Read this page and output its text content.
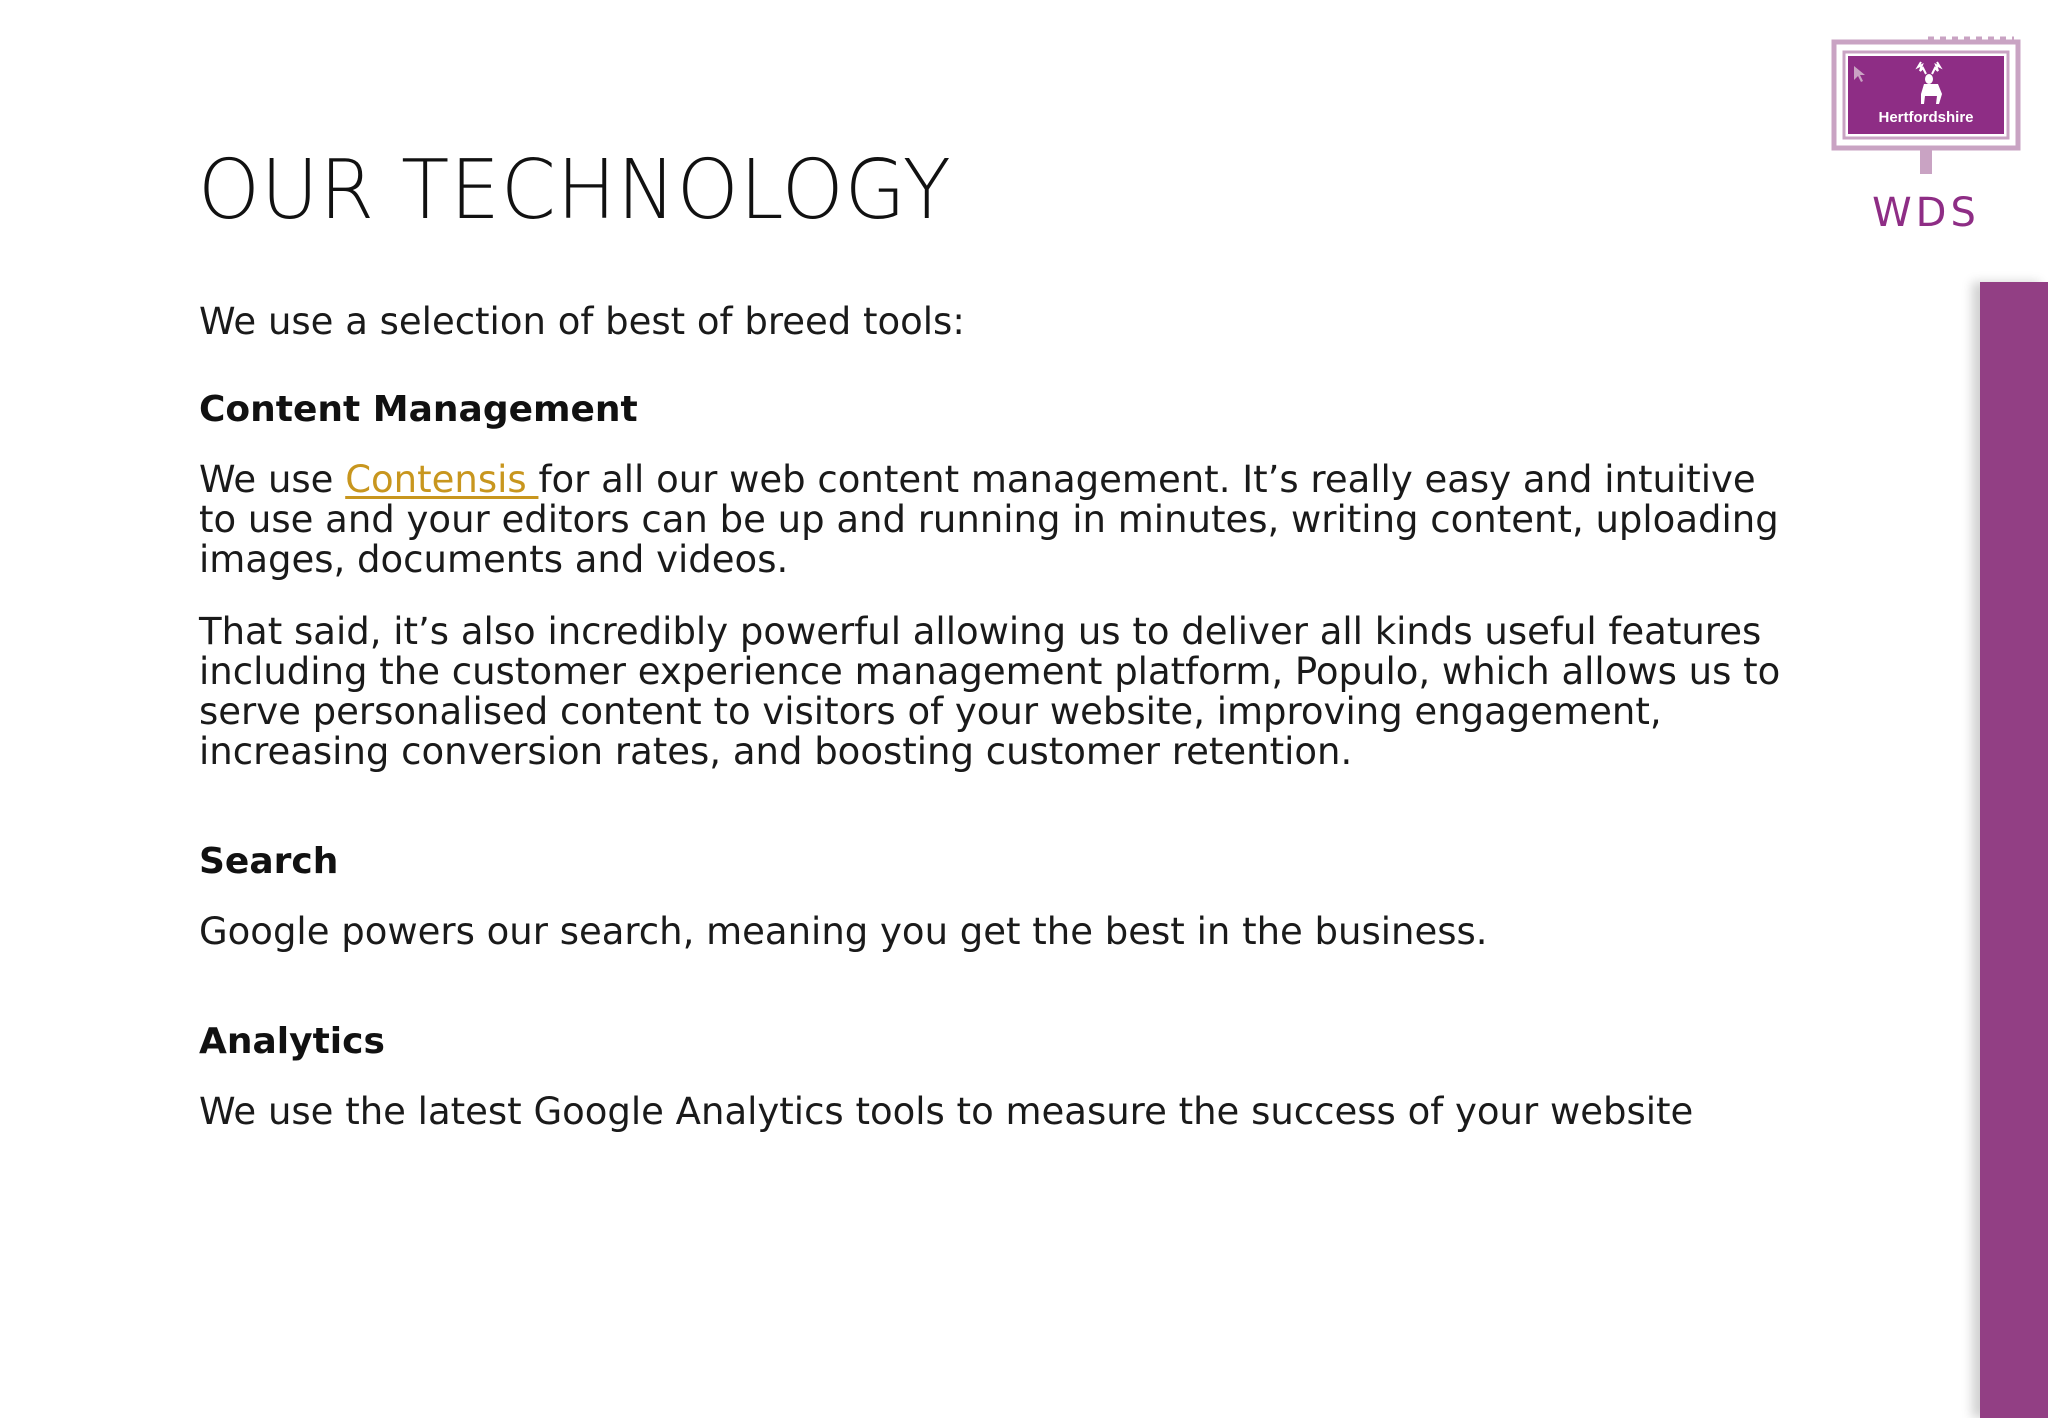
OUR TECHNOLOGY

We use a selection of best of breed tools:

Content Management

We use Contensis for all our web content management. It’s really easy and intuitive to use and your editors can be up and running in minutes, writing content, uploading images, documents and videos.

That said, it’s also incredibly powerful allowing us to deliver all kinds useful features including the customer experience management platform, Populo, which allows us to serve personalised content to visitors of your website, improving engagement, increasing conversion rates, and boosting customer retention.

Search

Google powers our search, meaning you get the best in the business.

Analytics

We use the latest Google Analytics tools to measure the success of your website

Hertfordshire
WDS
